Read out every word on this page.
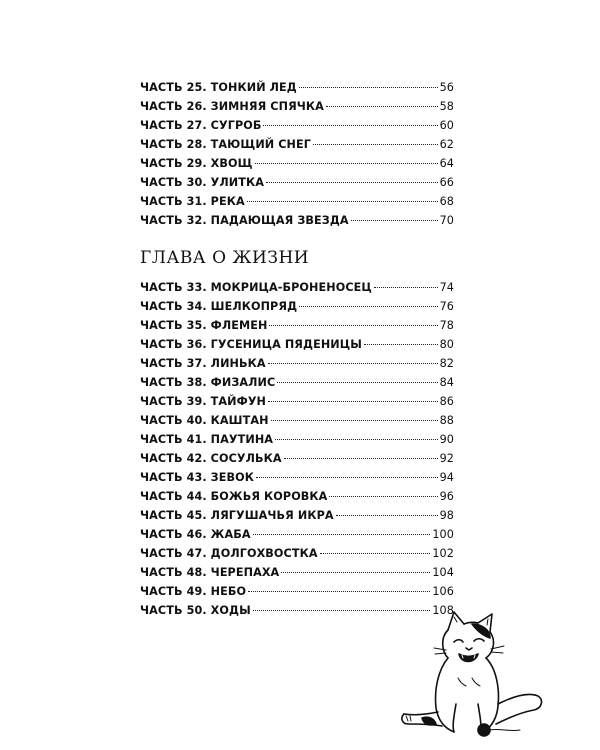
ЧАСТЬ 25. ТОНКИЙ ЛЕД	56
ЧАСТЬ 26. ЗИМНЯЯ СПЯЧКА	58
ЧАСТЬ 27. СУГРОБ	60
ЧАСТЬ 28. ТАЮЩИЙ СНЕГ	62
ЧАСТЬ 29. ХВОЩ	64
ЧАСТЬ 30. УЛИТКА	66
ЧАСТЬ 31. РЕКА	68
ЧАСТЬ 32. ПАДАЮЩАЯ ЗВЕЗДА	70
ГЛАВА О ЖИЗНИ
ЧАСТЬ 33. МОКРИЦА-БРОНЕНОСЕЦ	74
ЧАСТЬ 34. ШЕЛКОПРЯД	76
ЧАСТЬ 35. ФЛЕМЕН	78
ЧАСТЬ 36. ГУСЕНИЦА ПЯДЕНИЦЫ	80
ЧАСТЬ 37. ЛИНЬКА	82
ЧАСТЬ 38. ФИЗАЛИС	84
ЧАСТЬ 39. ТАЙФУН	86
ЧАСТЬ 40. КАШТАН	88
ЧАСТЬ 41. ПАУТИНА	90
ЧАСТЬ 42. СОСУЛЬКА	92
ЧАСТЬ 43. ЗЕВОК	94
ЧАСТЬ 44. БОЖЬЯ КОРОВКА	96
ЧАСТЬ 45. ЛЯГУШАЧЬЯ ИКРА	98
ЧАСТЬ 46. ЖАБА	100
ЧАСТЬ 47. ДОЛГОХВОСТКА	102
ЧАСТЬ 48. ЧЕРЕПАХА	104
ЧАСТЬ 49. НЕБО	106
ЧАСТЬ 50. ХОДЫ	108
